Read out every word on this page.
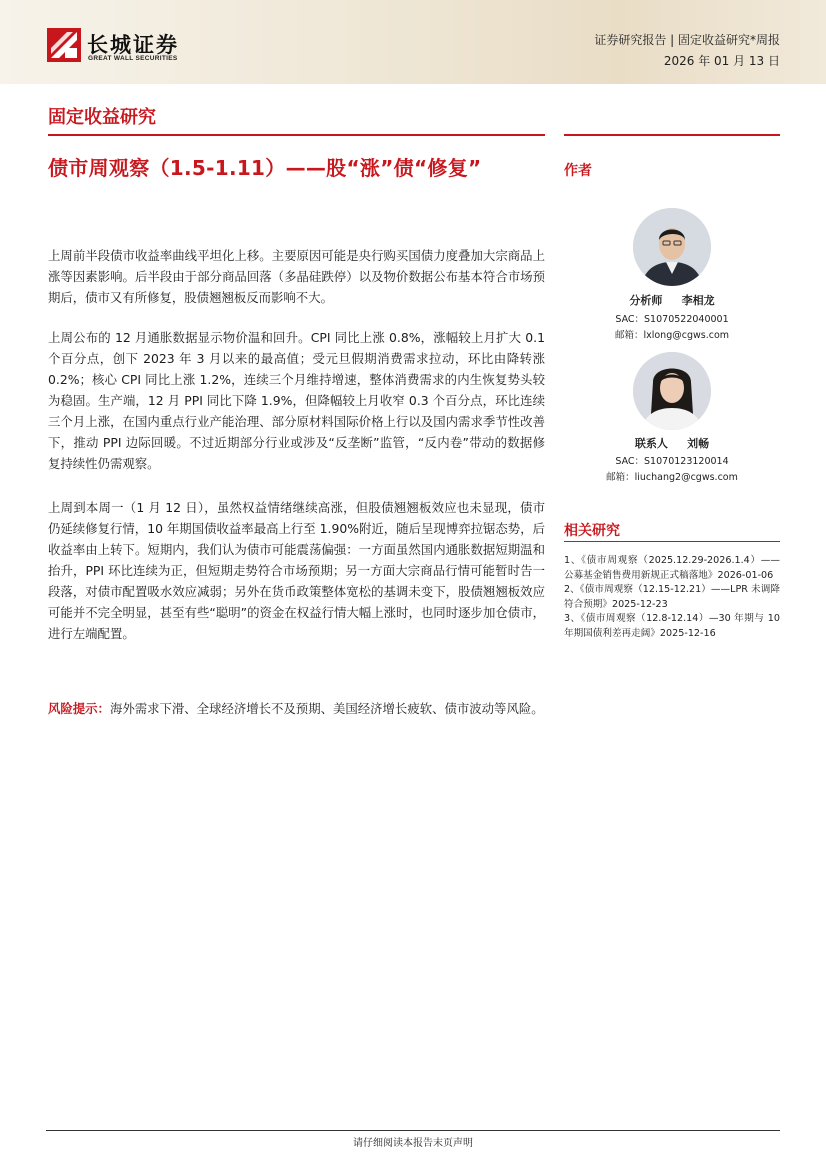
长城证券
GREAT WALL SECURITIES
证券研究报告 | 固定收益研究*周报
2026 年 01 月 13 日
固定收益研究
债市周观察（1.5-1.11）——股“涨”债“修复”
上周前半段债市收益率曲线平坦化上移。主要原因可能是央行购买国债力度叠加大宗商品上涨等因素影响。后半段由于部分商品回落（多晶硅跌停）以及物价数据公布基本符合市场预期后，债市又有所修复，股债翘翘板反而影响不大。
上周公布的 12 月通胀数据显示物价温和回升。CPI 同比上涨 0.8%，涨幅较上月扩大 0.1 个百分点，创下 2023 年 3 月以来的最高值；受元旦假期消费需求拉动，环比由降转涨 0.2%；核心 CPI 同比上涨 1.2%，连续三个月维持增速，整体消费需求的内生恢复势头较为稳固。生产端，12 月 PPI 同比下降 1.9%，但降幅较上月收窄 0.3 个百分点，环比连续三个月上涨，在国内重点行业产能治理、部分原材料国际价格上行以及国内需求季节性改善下，推动 PPI 边际回暖。不过近期部分行业或涉及“反垄断”监管，“反内卷”带动的数据修复持续性仍需观察。
上周到本周一（1 月 12 日），虽然权益情绪继续高涨，但股债翘翘板效应也未显现，债市仍延续修复行情，10 年期国债收益率最高上行至 1.90%附近，随后呈现博弈拉锯态势，后收益率由上转下。短期内，我们认为债市可能震荡偏强：一方面虽然国内通胀数据短期温和抬升，PPI 环比连续为正，但短期走势符合市场预期；另一方面大宗商品行情可能暂时告一段落，对债市配置吸水效应减弱；另外在货币政策整体宽松的基调未变下，股债翘翘板效应可能并不完全明显，甚至有些“聪明”的资金在权益行情大幅上涨时，也同时逐步加仓债市，进行左端配置。
风险提示：海外需求下滑、全球经济增长不及预期、美国经济增长疲软、债市波动等风险。
作者
分析师     李相龙
SAC：S1070522040001
邮箱：lxlong@cgws.com
联系人     刘畅
SAC：S1070123120014
邮箱：liuchang2@cgws.com
相关研究
1、《债市周观察（2025.12.29-2026.1.4）——公募基金销售费用新规正式稿落地》2026-01-06
2、《债市周观察（12.15-12.21）——LPR 未调降符合预期》2025-12-23
3、《债市周观察（12.8-12.14）—30 年期与 10 年期国债利差再走阔》2025-12-16
请仔细阅读本报告末页声明
